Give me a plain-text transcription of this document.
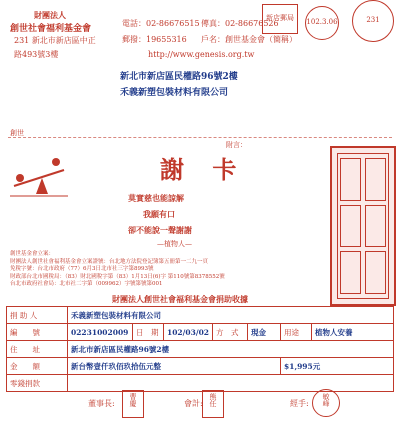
財團法人
創世社會福利基金會
231 新北市新店區中正
路493號3樓
電話：02-86676515 傳真：02-86676526
郵撥：19655316 戶名：創世基金會（簡稱）
http://www.genesis.org.tw
新店郵局	102.3.06	231
新北市新店區民權路96號2樓
禾義新塑包裝材料有限公司
創世
附言：
謝 卡
莫實慈也能諒解
我願有口
卻不能說一聲謝謝
—植物人—
創世基金會立案：
財團法人創世社會福利基金會立案證號：台北地方法院登記簿第五冊第一二九一頁
免稅字號：台北市政府（77）6月3日北市社三字第8993號
財政部台北市國稅局：（83）財北國稅字第（83）1月13日(6)字 第110號第8378552號
台北市政府社會局：北市社二字第（009962）字號第號第001
財團法人創世社會福利基金會捐助收據
捐 助 人	禾義新塑包裝材料有限公司						
編　　號	02231002009	日　期	102/03/02	方　式	現金	用途	植物人安養
住　　址	新北市新店區民權路96號2樓						
金　　額	新台幣壹仟玖佰玖拾伍元整					$1,995元	
零錢捐款							
董事長: 曹慶	會計: 熊任	經手: 敏峰
